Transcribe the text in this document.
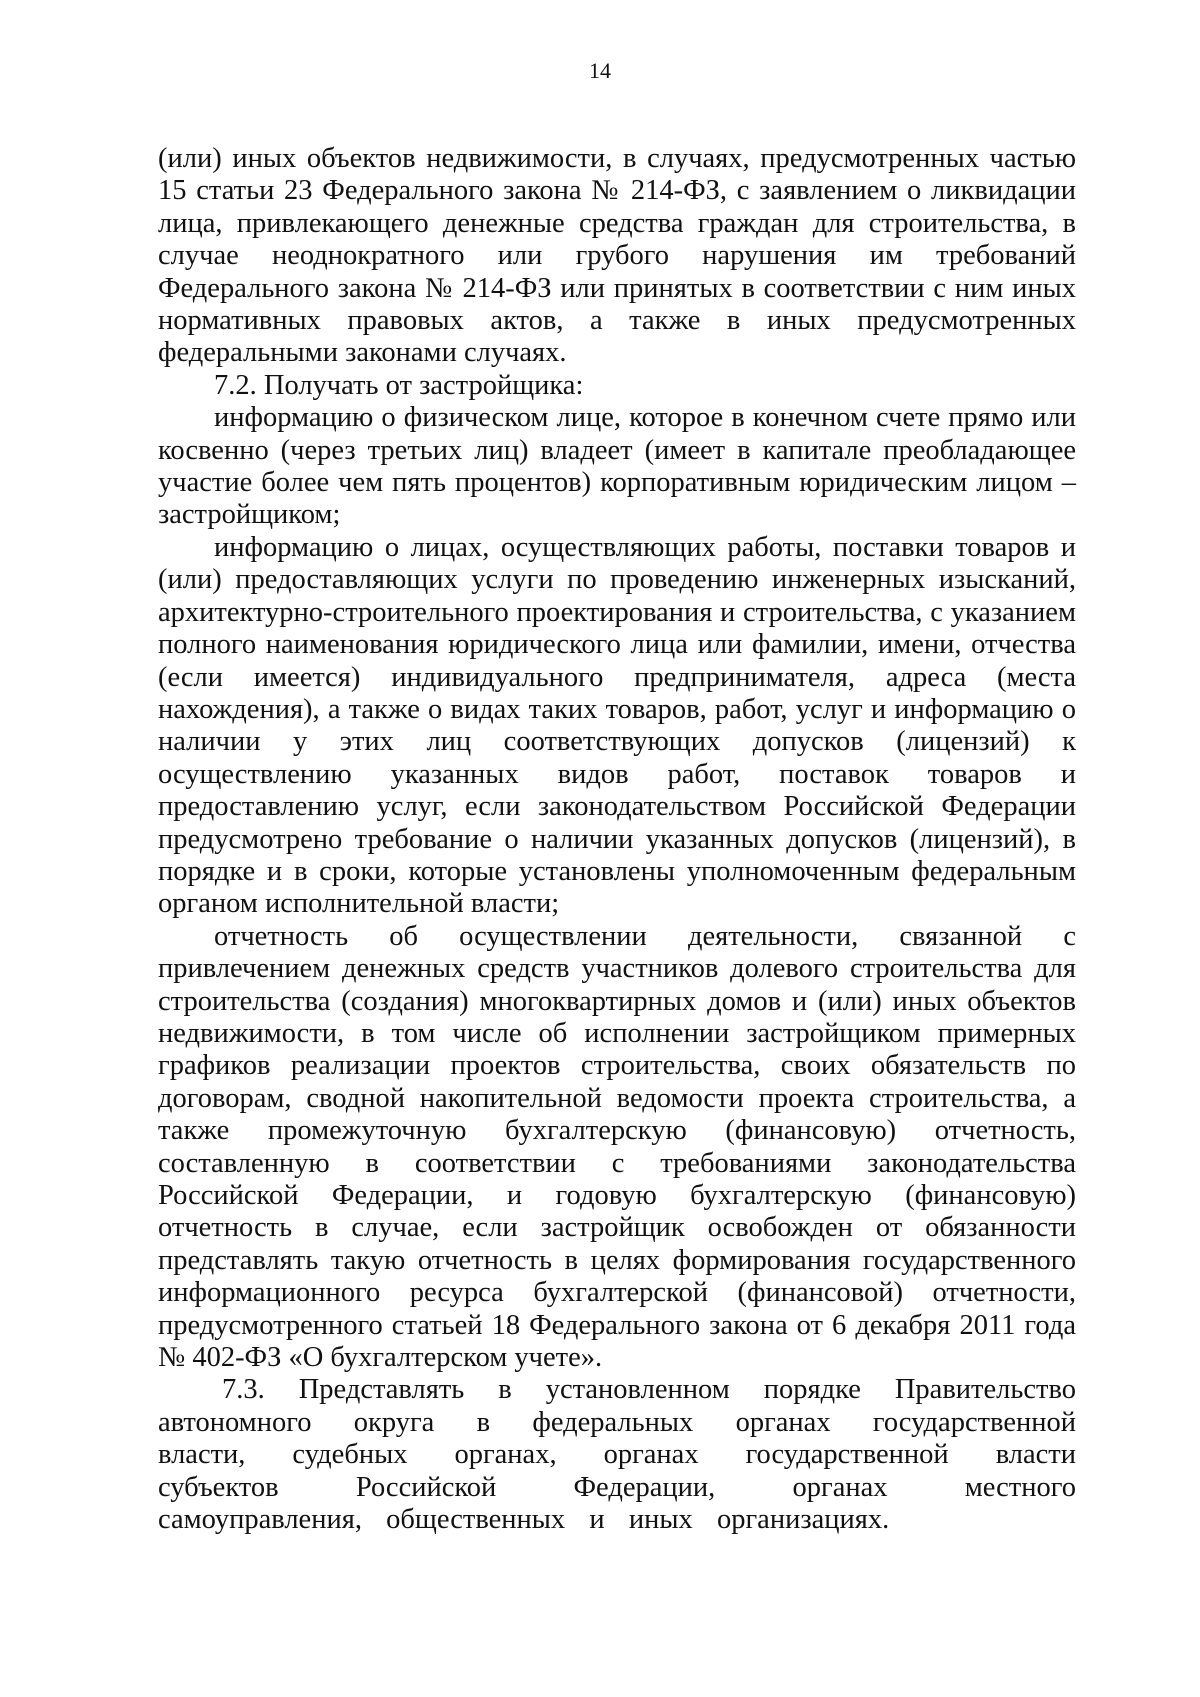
14

(или) иных объектов недвижимости, в случаях, предусмотренных частью 15 статьи 23 Федерального закона № 214-ФЗ, с заявлением о ликвидации лица, привлекающего денежные средства граждан для строительства, в случае неоднократного или грубого нарушения им требований Федерального закона № 214-ФЗ или принятых в соответствии с ним иных нормативных правовых актов, а также в иных предусмотренных федеральными законами случаях.

7.2. Получать от застройщика:

информацию о физическом лице, которое в конечном счете прямо или косвенно (через третьих лиц) владеет (имеет в капитале преобладающее участие более чем пять процентов) корпоративным юридическим лицом – застройщиком;

информацию о лицах, осуществляющих работы, поставки товаров и (или) предоставляющих услуги по проведению инженерных изысканий, архитектурно-строительного проектирования и строительства, с указанием полного наименования юридического лица или фамилии, имени, отчества (если имеется) индивидуального предпринимателя, адреса (места нахождения), а также о видах таких товаров, работ, услуг и информацию о наличии у этих лиц соответствующих допусков (лицензий) к осуществлению указанных видов работ, поставок товаров и предоставлению услуг, если законодательством Российской Федерации предусмотрено требование о наличии указанных допусков (лицензий), в порядке и в сроки, которые установлены уполномоченным федеральным органом исполнительной власти;

отчетность об осуществлении деятельности, связанной с привлечением денежных средств участников долевого строительства для строительства (создания) многоквартирных домов и (или) иных объектов недвижимости, в том числе об исполнении застройщиком примерных графиков реализации проектов строительства, своих обязательств по договорам, сводной накопительной ведомости проекта строительства, а также промежуточную бухгалтерскую (финансовую) отчетность, составленную в соответствии с требованиями законодательства Российской Федерации, и годовую бухгалтерскую (финансовую) отчетность в случае, если застройщик освобожден от обязанности представлять такую отчетность в целях формирования государственного информационного ресурса бухгалтерской (финансовой) отчетности, предусмотренного статьей 18 Федерального закона от 6 декабря 2011 года № 402-ФЗ «О бухгалтерском учете».

7.3. Представлять в установленном порядке Правительство автономного округа в федеральных органах государственной власти, судебных органах, органах государственной власти субъектов Российской Федерации, органах местного самоуправления, общественных и иных организациях.
